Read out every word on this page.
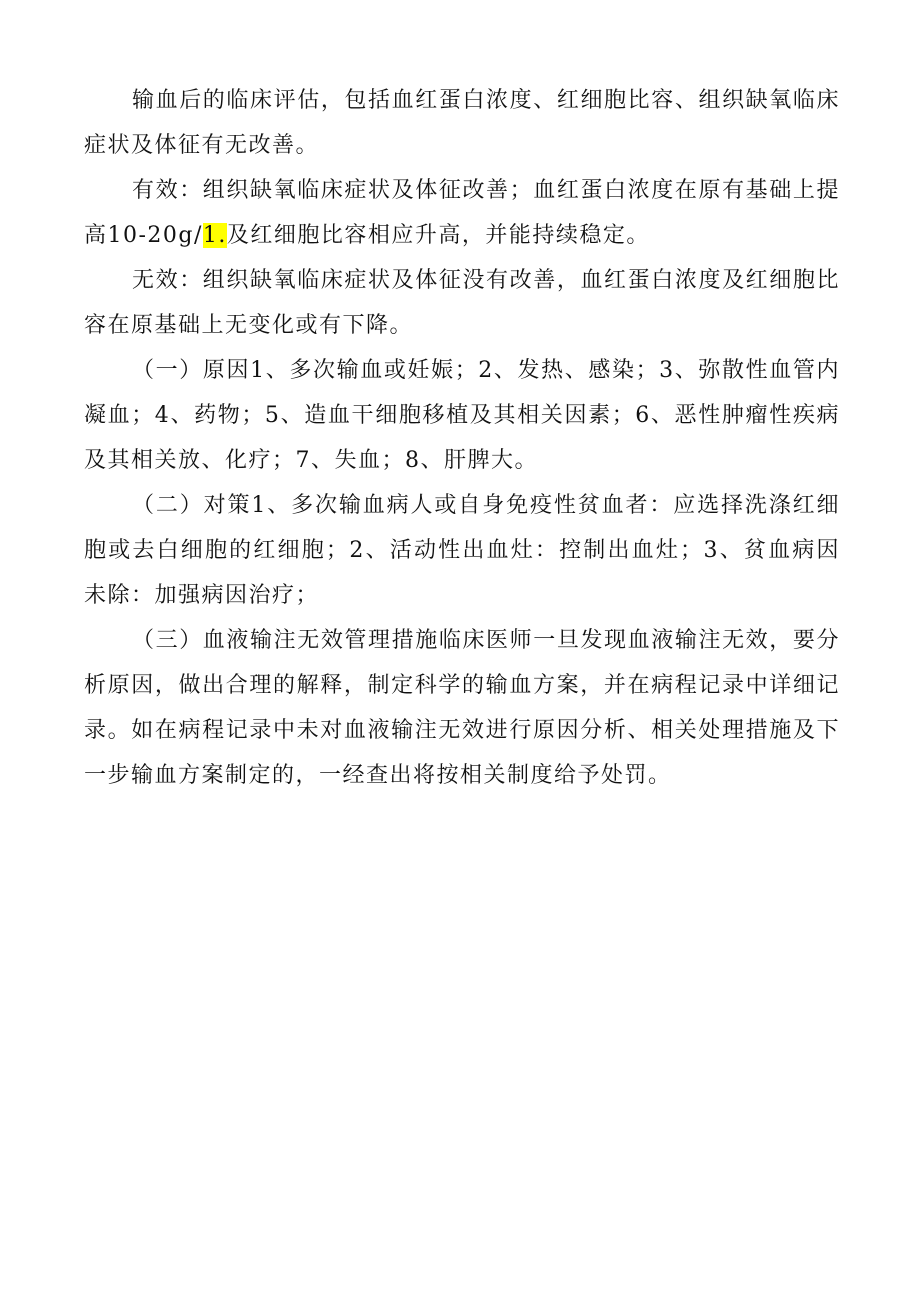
输血后的临床评估，包括血红蛋白浓度、红细胞比容、组织缺氧临床症状及体征有无改善。

有效：组织缺氧临床症状及体征改善；血红蛋白浓度在原有基础上提高10-20g/1.及红细胞比容相应升高，并能持续稳定。

无效：组织缺氧临床症状及体征没有改善，血红蛋白浓度及红细胞比容在原基础上无变化或有下降。

（一）原因1、多次输血或妊娠；2、发热、感染；3、弥散性血管内凝血；4、药物；5、造血干细胞移植及其相关因素；6、恶性肿瘤性疾病及其相关放、化疗；7、失血；8、肝脾大。

（二）对策1、多次输血病人或自身免疫性贫血者：应选择洗涤红细胞或去白细胞的红细胞；2、活动性出血灶：控制出血灶；3、贫血病因未除：加强病因治疗；

（三）血液输注无效管理措施临床医师一旦发现血液输注无效，要分析原因，做出合理的解释，制定科学的输血方案，并在病程记录中详细记录。如在病程记录中未对血液输注无效进行原因分析、相关处理措施及下一步输血方案制定的，一经查出将按相关制度给予处罚。
